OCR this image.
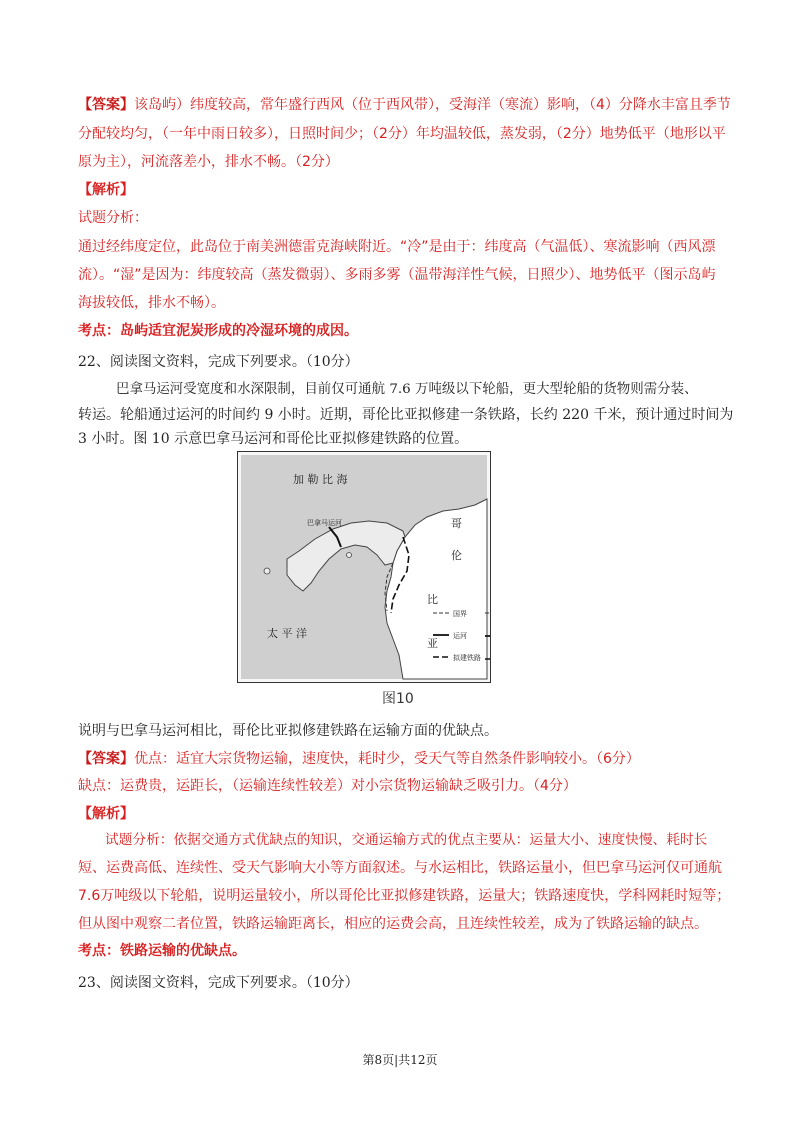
【答案】该岛屿）纬度较高，常年盛行西风（位于西风带），受海洋（寒流）影响，（4）分降水丰富且季节
分配较均匀，（一年中雨日较多），日照时间少；（2分）年均温较低，蒸发弱，（2分）地势低平（地形以平
原为主），河流落差小，排水不畅。（2分）
【解析】
试题分析：
通过经纬度定位，此岛位于南美洲德雷克海峡附近。“冷”是由于：纬度高（气温低）、寒流影响（西风漂
流）。“湿”是因为：纬度较高（蒸发微弱）、多雨多雾（温带海洋性气候，日照少）、地势低平（图示岛屿
海拔较低，排水不畅）。
考点：岛屿适宜泥炭形成的冷湿环境的成因。
22、阅读图文资料，完成下列要求。（10分）
巴拿马运河受宽度和水深限制，目前仅可通航 7.6 万吨级以下轮船，更大型轮船的货物则需分装、
转运。轮船通过运河的时间约 9 小时。近期，哥伦比亚拟修建一条铁路，长约 220 千米，预计通过时间为
3 小时。图 10 示意巴拿马运河和哥伦比亚拟修建铁路的位置。
加 勒 比 海
太 平 洋
巴拿马运河	哥
伦
比
亚
国界
运河
拟建铁路
图10
说明与巴拿马运河相比，哥伦比亚拟修建铁路在运输方面的优缺点。
【答案】优点：适宜大宗货物运输，速度快，耗时少，受天气等自然条件影响较小。（6分）
缺点：运费贵，运距长，（运输连续性较差）对小宗货物运输缺乏吸引力。（4分）
【解析】
试题分析：依据交通方式优缺点的知识，交通运输方式的优点主要从：运量大小、速度快慢、耗时长
短、运费高低、连续性、受天气影响大小等方面叙述。与水运相比，铁路运量小，但巴拿马运河仅可通航
7.6万吨级以下轮船，说明运量较小，所以哥伦比亚拟修建铁路，运量大；铁路速度快，学科网耗时短等；
但从图中观察二者位置，铁路运输距离长，相应的运费会高，且连续性较差，成为了铁路运输的缺点。
考点：铁路运输的优缺点。
23、阅读图文资料，完成下列要求。（10分）
第8页|共12页
